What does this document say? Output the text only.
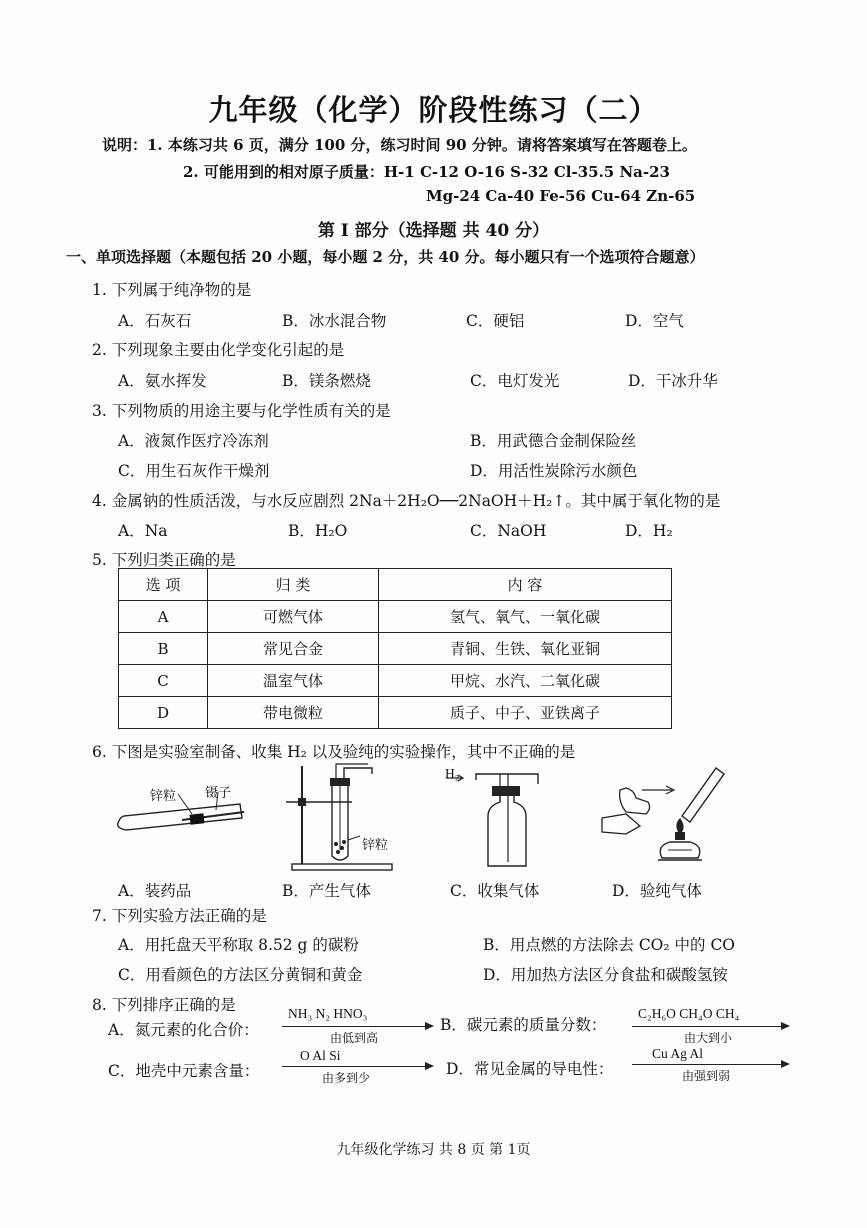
九年级（化学）阶段性练习（二）
说明：1. 本练习共 6 页，满分 100 分，练习时间 90 分钟。请将答案填写在答题卷上。
2. 可能用到的相对原子质量：H-1 C-12 O-16 S-32 Cl-35.5 Na-23
Mg-24 Ca-40 Fe-56 Cu-64 Zn-65
第 I 部分（选择题 共 40 分）
一、单项选择题（本题包括 20 小题，每小题 2 分，共 40 分。每小题只有一个选项符合题意）
1. 下列属于纯净物的是
A．石灰石	B．冰水混合物	C．硬铝	D．空气
2. 下列现象主要由化学变化引起的是
A．氨水挥发	B．镁条燃烧	C．电灯发光	D．干冰升华
3. 下列物质的用途主要与化学性质有关的是
A．液氮作医疗冷冻剂	B．用武德合金制保险丝
C．用生石灰作干燥剂	D．用活性炭除污水颜色
4. 金属钠的性质活泼，与水反应剧烈 2Na＋2H₂O──2NaOH＋H₂↑。其中属于氧化物的是
A．Na	B．H₂O	C．NaOH	D．H₂
5. 下列归类正确的是
选 项	归 类	内 容
A	可燃气体	氢气、氧气、一氧化碳
B	常见合金	青铜、生铁、氧化亚铜
C	温室气体	甲烷、水汽、二氧化碳
D	带电微粒	质子、中子、亚铁离子
6. 下图是实验室制备、收集 H₂ 以及验纯的实验操作，其中不正确的是
锌粒 镊子
锌粒
H₂
A．装药品	B．产生气体	C．收集气体	D．验纯气体
7. 下列实验方法正确的是
A．用托盘天平称取 8.52 g 的碳粉	B．用点燃的方法除去 CO₂ 中的 CO
C．用看颜色的方法区分黄铜和黄金	D．用加热方法区分食盐和碳酸氢铵
8. 下列排序正确的是
A．氮元素的化合价：
NH₃ N₂ HNO₃
由低到高
B．碳元素的质量分数：
C₂H₆O CH₄O CH₄
由大到小
C．地壳中元素含量：
O Al Si
由多到少	D．常见金属的导电性：
Cu Ag Al
由强到弱
九年级化学练习 共 8 页 第 1页
